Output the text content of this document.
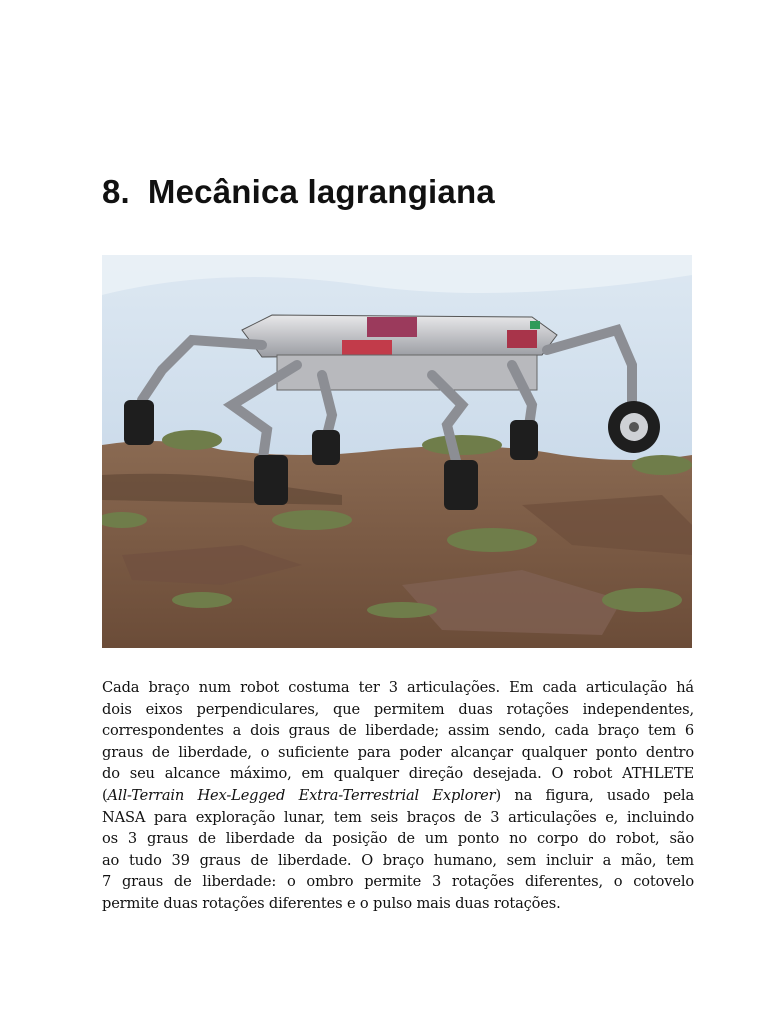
8. Mecânica lagrangiana

Cada braço num robot costuma ter 3 articulações. Em cada articulação há
dois eixos perpendiculares, que permitem duas rotações independentes,
correspondentes a dois graus de liberdade; assim sendo, cada braço tem 6
graus de liberdade, o suficiente para poder alcançar qualquer ponto dentro
do seu alcance máximo, em qualquer direção desejada. O robot ATHLETE
(All-Terrain Hex-Legged Extra-Terrestrial Explorer) na figura, usado pela
NASA para exploração lunar, tem seis braços de 3 articulações e, incluindo
os 3 graus de liberdade da posição de um ponto no corpo do robot, são
ao tudo 39 graus de liberdade. O braço humano, sem incluir a mão, tem
7 graus de liberdade: o ombro permite 3 rotações diferentes, o cotovelo
permite duas rotações diferentes e o pulso mais duas rotações.
